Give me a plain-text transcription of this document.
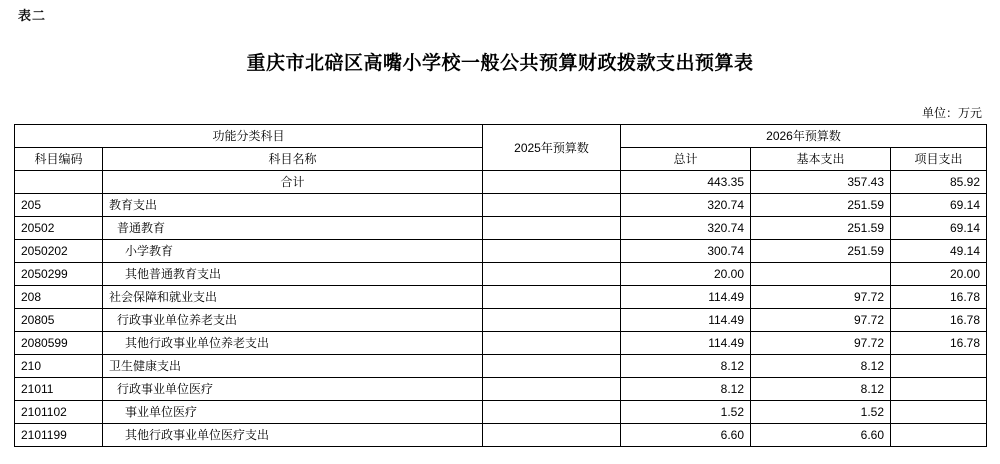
表二
重庆市北碚区高嘴小学校一般公共预算财政拨款支出预算表
单位：万元
功能分类科目		2025年预算数	2026年预算数		
科目编码	科目名称		总计	基本支出	项目支出
	合计		443.35	357.43	85.92
205	教育支出		320.74	251.59	69.14
20502	普通教育		320.74	251.59	69.14
2050202	小学教育		300.74	251.59	49.14
2050299	其他普通教育支出		20.00		20.00
208	社会保障和就业支出		114.49	97.72	16.78
20805	行政事业单位养老支出		114.49	97.72	16.78
2080599	其他行政事业单位养老支出		114.49	97.72	16.78
210	卫生健康支出		8.12	8.12	
21011	行政事业单位医疗		8.12	8.12	
2101102	事业单位医疗		1.52	1.52	
2101199	其他行政事业单位医疗支出		6.60	6.60	
